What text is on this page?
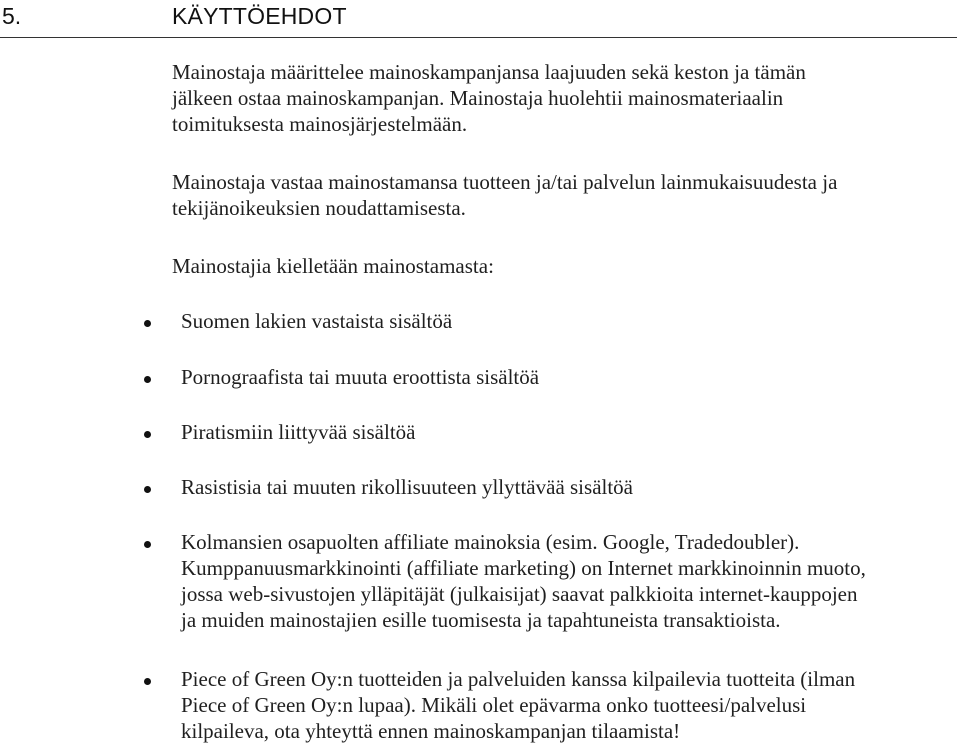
5.	KÄYTTÖEHDOT

Mainostaja määrittelee mainoskampanjansa laajuuden sekä keston ja tämän
jälkeen ostaa mainoskampanjan. Mainostaja huolehtii mainosmateriaalin
toimituksesta mainosjärjestelmään.

Mainostaja vastaa mainostamansa tuotteen ja/tai palvelun lainmukaisuudesta ja
tekijänoikeuksien noudattamisesta.

Mainostajia kielletään mainostamasta:

Suomen lakien vastaista sisältöä
Pornograafista tai muuta eroottista sisältöä
Piratismiin liittyvää sisältöä
Rasistisia tai muuten rikollisuuteen yllyttävää sisältöä
Kolmansien osapuolten affiliate mainoksia (esim. Google, Tradedoubler).
Kumppanuusmarkkinointi (affiliate marketing) on Internet markkinoinnin muoto,
jossa web-sivustojen ylläpitäjät (julkaisijat) saavat palkkioita internet-kauppojen
ja muiden mainostajien esille tuomisesta ja tapahtuneista transaktioista.
Piece of Green Oy:n tuotteiden ja palveluiden kanssa kilpailevia tuotteita (ilman
Piece of Green Oy:n lupaa). Mikäli olet epävarma onko tuotteesi/palvelusi
kilpaileva, ota yhteyttä ennen mainoskampanjan tilaamista!
